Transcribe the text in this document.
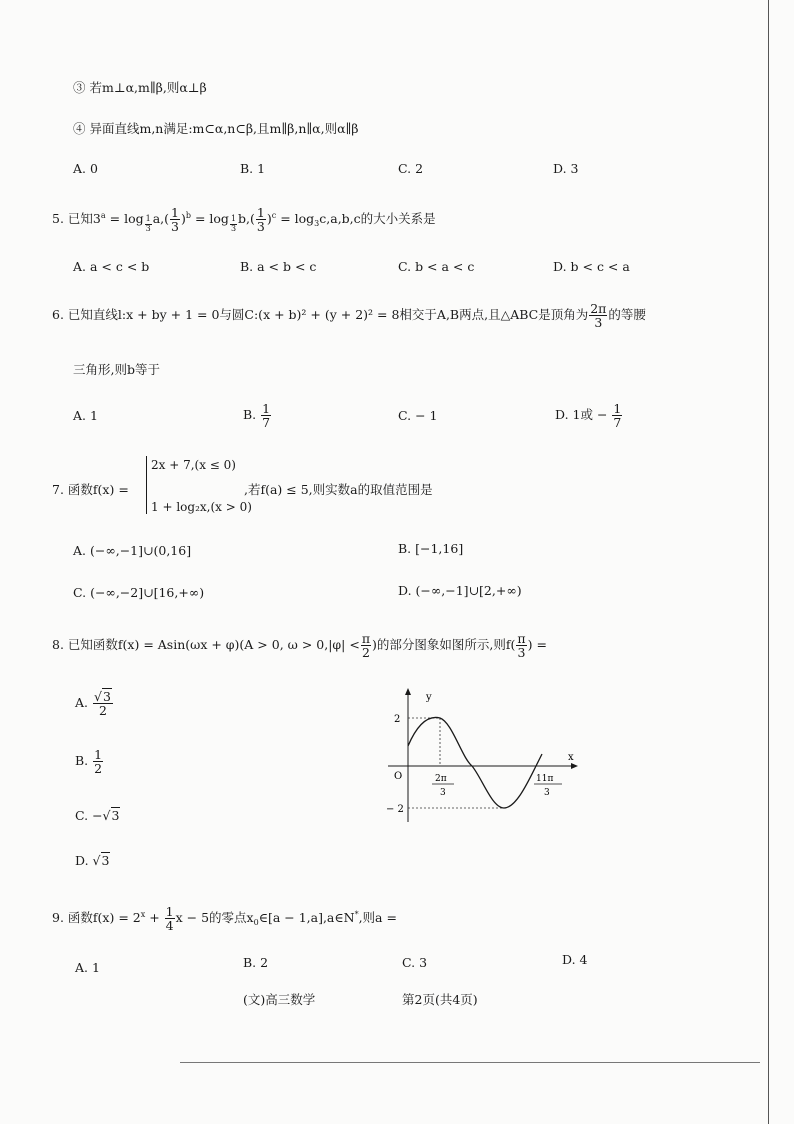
③ 若m⊥α,m∥β,则α⊥β
④ 异面直线m,n满足:m⊂α,n⊂β,且m∥β,n∥α,则α∥β
A. 0	B. 1	C. 2	D. 3
5. 已知$3^a = \log _{\frac{1}{3}}$ $a,( \frac{1}{3} )^b = \log _{\frac{1}{3}}$ $b,( \frac{1}{3} )^c = \log_3c,a,b,c$的大小关系是
A. a < c < b	B. a < b < c	C. b < a < c	D. b < c < a
6. 已知直线l:x + by + 1 = 0与圆C:(x + b)² + (y + 2)² = 8相交于A,B两点,且△ABC是顶角为 $\frac{2\pi}{3}$ 的等腰
三角形,则b等于
A. 1	B. $\frac{1}{7}$	C. − 1	D. 1或 − $\frac{1}{7}$
7. 函数f(x) =
2x + 7,(x ≤ 0)
1 + log₂x,(x > 0)
,若f(a) ≤ 5,则实数a的取值范围是
A. (−∞,−1]∪(0,16]	B. [−1,16]
C. (−∞,−2]∪[16,+∞)	D. (−∞,−1]∪[2,+∞)
8. 已知函数f(x) = Asin(ωx + φ)(A > 0, $\omega > 0,|\varphi| < \frac{\pi}{2}$ )的部分图象如图所示,则$f( \frac{\pi}{3}$ ) =
A. $\frac{√3}{2}$
B. $\frac{1}{2}$
C. −√3
D. √3
y
x
O
2
− 2
2π
3
11π
3
9. 函数$f(x) = 2^x + \frac{1}{4}$ x − 5的零点$x_0\in[a$ − 1,a],a∈N*,则a =
A. 1	B. 2	C. 3	D. 4
(文)高三数学	第2页(共4页)
